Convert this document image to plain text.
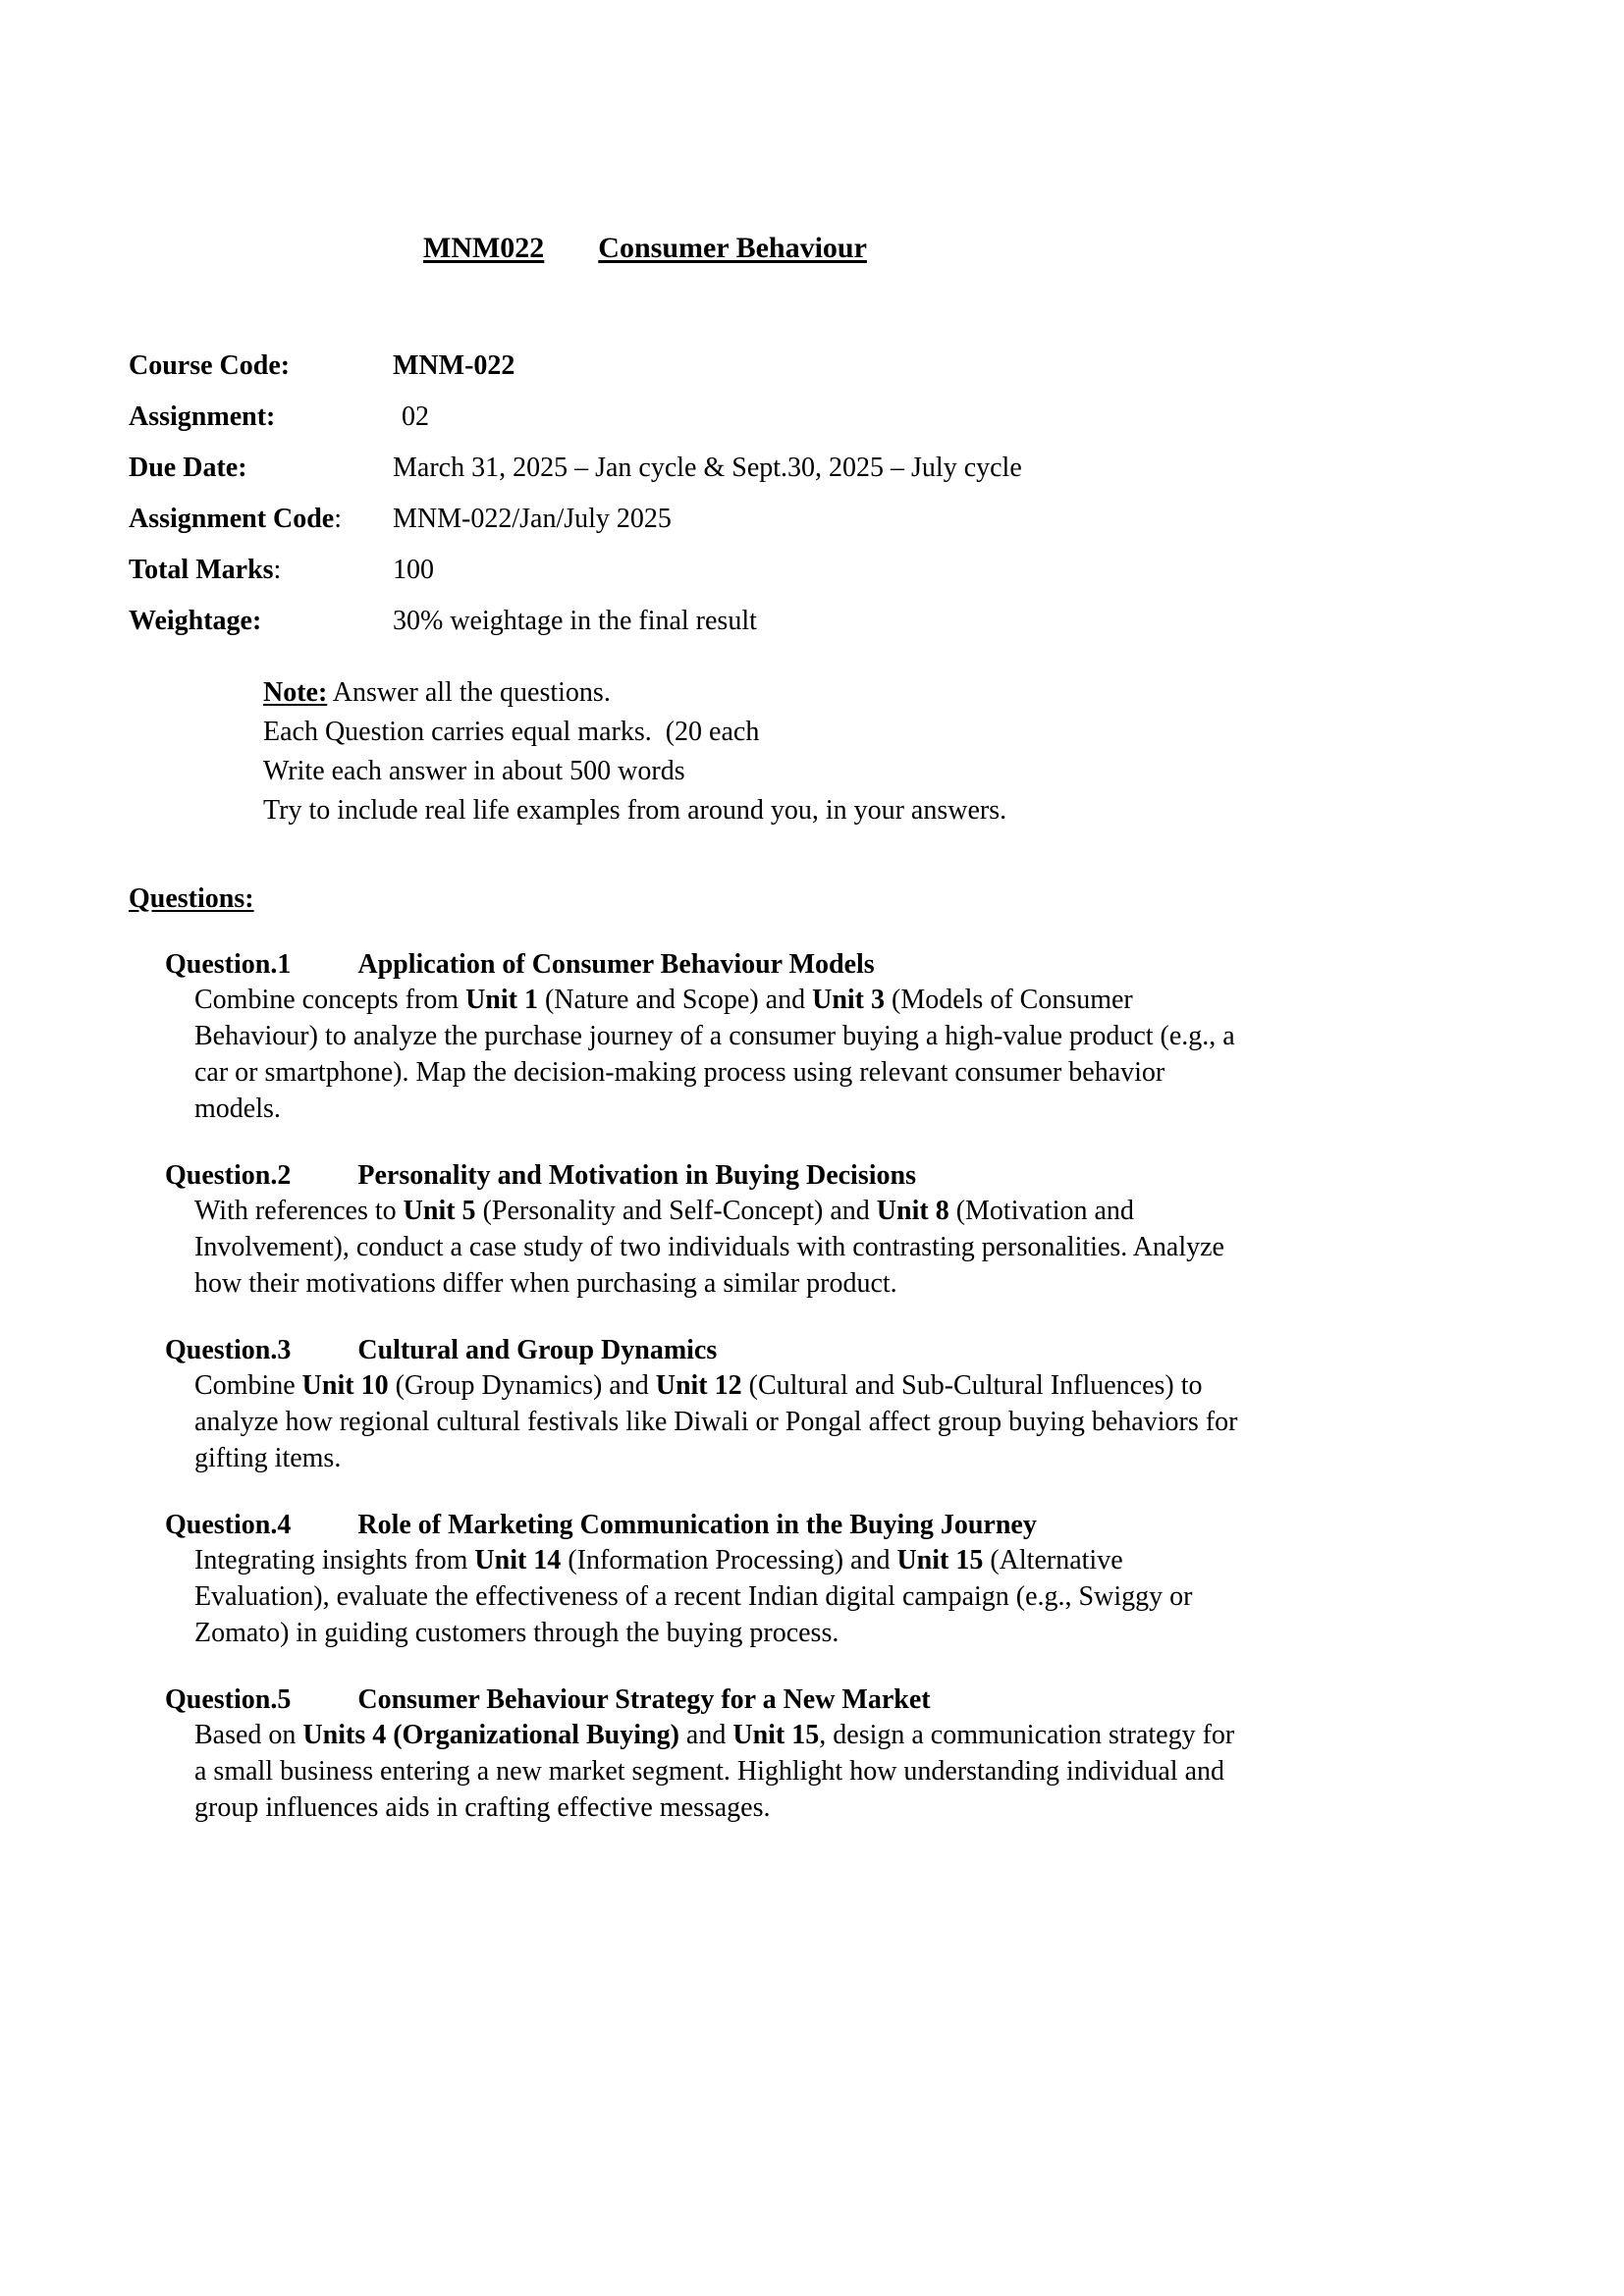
MNM022 Consumer Behaviour

Course Code:	MNM-022
Assignment:	02
Due Date:	March 31, 2025 – Jan cycle & Sept.30, 2025 – July cycle
Assignment Code:	MNM-022/Jan/July 2025
Total Marks:	100
Weightage:	30% weightage in the final result
Note: Answer all the questions.
Each Question carries equal marks.  (20 each
Write each answer in about 500 words
Try to include real life examples from around you, in your answers.
Questions:
Question.1 Application of Consumer Behaviour Models
Combine concepts from Unit 1 (Nature and Scope) and Unit 3 (Models of Consumer Behaviour) to analyze the purchase journey of a consumer buying a high-value product (e.g., a car or smartphone). Map the decision-making process using relevant consumer behavior models.
Question.2 Personality and Motivation in Buying Decisions
With references to Unit 5 (Personality and Self-Concept) and Unit 8 (Motivation and Involvement), conduct a case study of two individuals with contrasting personalities. Analyze how their motivations differ when purchasing a similar product.
Question.3 Cultural and Group Dynamics
Combine Unit 10 (Group Dynamics) and Unit 12 (Cultural and Sub-Cultural Influences) to analyze how regional cultural festivals like Diwali or Pongal affect group buying behaviors for gifting items.
Question.4 Role of Marketing Communication in the Buying Journey
Integrating insights from Unit 14 (Information Processing) and Unit 15 (Alternative Evaluation), evaluate the effectiveness of a recent Indian digital campaign (e.g., Swiggy or Zomato) in guiding customers through the buying process.
Question.5 Consumer Behaviour Strategy for a New Market
Based on Units 4 (Organizational Buying) and Unit 15, design a communication strategy for a small business entering a new market segment. Highlight how understanding individual and group influences aids in crafting effective messages.
